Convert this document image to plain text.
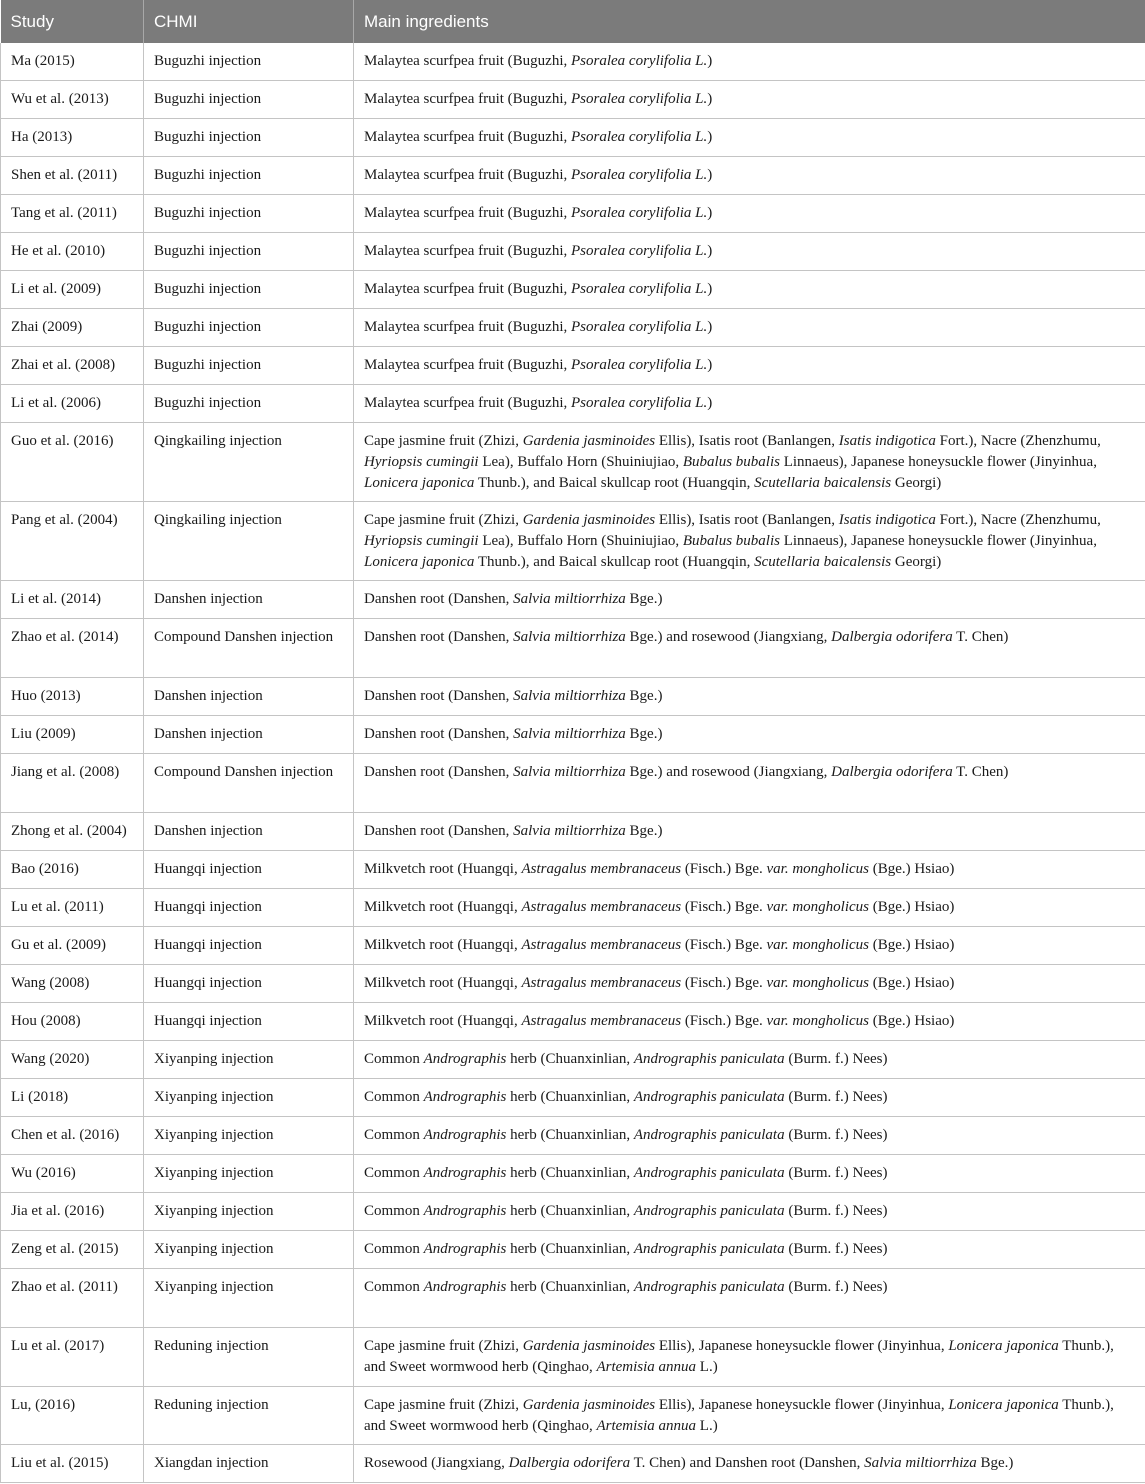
Study	CHMI	Main ingredients
Ma (2015)	Buguzhi injection	Malaytea scurfpea fruit (Buguzhi, Psoralea corylifolia L.)
Wu et al. (2013)	Buguzhi injection	Malaytea scurfpea fruit (Buguzhi, Psoralea corylifolia L.)
Ha (2013)	Buguzhi injection	Malaytea scurfpea fruit (Buguzhi, Psoralea corylifolia L.)
Shen et al. (2011)	Buguzhi injection	Malaytea scurfpea fruit (Buguzhi, Psoralea corylifolia L.)
Tang et al. (2011)	Buguzhi injection	Malaytea scurfpea fruit (Buguzhi, Psoralea corylifolia L.)
He et al. (2010)	Buguzhi injection	Malaytea scurfpea fruit (Buguzhi, Psoralea corylifolia L.)
Li et al. (2009)	Buguzhi injection	Malaytea scurfpea fruit (Buguzhi, Psoralea corylifolia L.)
Zhai (2009)	Buguzhi injection	Malaytea scurfpea fruit (Buguzhi, Psoralea corylifolia L.)
Zhai et al. (2008)	Buguzhi injection	Malaytea scurfpea fruit (Buguzhi, Psoralea corylifolia L.)
Li et al. (2006)	Buguzhi injection	Malaytea scurfpea fruit (Buguzhi, Psoralea corylifolia L.)
Guo et al. (2016)	Qingkailing injection	Cape jasmine fruit (Zhizi, Gardenia jasminoides Ellis), Isatis root (Banlangen, Isatis indigotica Fort.), Nacre (Zhenzhumu, Hyriopsis cumingii Lea), Buffalo Horn (Shuiniujiao, Bubalus bubalis Linnaeus), Japanese honeysuckle flower (Jinyinhua, Lonicera japonica Thunb.), and Baical skullcap root (Huangqin, Scutellaria baicalensis Georgi)
Pang et al. (2004)	Qingkailing injection	Cape jasmine fruit (Zhizi, Gardenia jasminoides Ellis), Isatis root (Banlangen, Isatis indigotica Fort.), Nacre (Zhenzhumu, Hyriopsis cumingii Lea), Buffalo Horn (Shuiniujiao, Bubalus bubalis Linnaeus), Japanese honeysuckle flower (Jinyinhua, Lonicera japonica Thunb.), and Baical skullcap root (Huangqin, Scutellaria baicalensis Georgi)
Li et al. (2014)	Danshen injection	Danshen root (Danshen, Salvia miltiorrhiza Bge.)
Zhao et al. (2014)	Compound Danshen injection	Danshen root (Danshen, Salvia miltiorrhiza Bge.) and rosewood (Jiangxiang, Dalbergia odorifera T. Chen)
Huo (2013)	Danshen injection	Danshen root (Danshen, Salvia miltiorrhiza Bge.)
Liu (2009)	Danshen injection	Danshen root (Danshen, Salvia miltiorrhiza Bge.)
Jiang et al. (2008)	Compound Danshen injection	Danshen root (Danshen, Salvia miltiorrhiza Bge.) and rosewood (Jiangxiang, Dalbergia odorifera T. Chen)
Zhong et al. (2004)	Danshen injection	Danshen root (Danshen, Salvia miltiorrhiza Bge.)
Bao (2016)	Huangqi injection	Milkvetch root (Huangqi, Astragalus membranaceus (Fisch.) Bge. var. mongholicus (Bge.) Hsiao)
Lu et al. (2011)	Huangqi injection	Milkvetch root (Huangqi, Astragalus membranaceus (Fisch.) Bge. var. mongholicus (Bge.) Hsiao)
Gu et al. (2009)	Huangqi injection	Milkvetch root (Huangqi, Astragalus membranaceus (Fisch.) Bge. var. mongholicus (Bge.) Hsiao)
Wang (2008)	Huangqi injection	Milkvetch root (Huangqi, Astragalus membranaceus (Fisch.) Bge. var. mongholicus (Bge.) Hsiao)
Hou (2008)	Huangqi injection	Milkvetch root (Huangqi, Astragalus membranaceus (Fisch.) Bge. var. mongholicus (Bge.) Hsiao)
Wang (2020)	Xiyanping injection	Common Andrographis herb (Chuanxinlian, Andrographis paniculata (Burm. f.) Nees)
Li (2018)	Xiyanping injection	Common Andrographis herb (Chuanxinlian, Andrographis paniculata (Burm. f.) Nees)
Chen et al. (2016)	Xiyanping injection	Common Andrographis herb (Chuanxinlian, Andrographis paniculata (Burm. f.) Nees)
Wu (2016)	Xiyanping injection	Common Andrographis herb (Chuanxinlian, Andrographis paniculata (Burm. f.) Nees)
Jia et al. (2016)	Xiyanping injection	Common Andrographis herb (Chuanxinlian, Andrographis paniculata (Burm. f.) Nees)
Zeng et al. (2015)	Xiyanping injection	Common Andrographis herb (Chuanxinlian, Andrographis paniculata (Burm. f.) Nees)
Zhao et al. (2011)	Xiyanping injection	Common Andrographis herb (Chuanxinlian, Andrographis paniculata (Burm. f.) Nees)
Lu et al. (2017)	Reduning injection	Cape jasmine fruit (Zhizi, Gardenia jasminoides Ellis), Japanese honeysuckle flower (Jinyinhua, Lonicera japonica Thunb.), and Sweet wormwood herb (Qinghao, Artemisia annua L.)
Lu, (2016)	Reduning injection	Cape jasmine fruit (Zhizi, Gardenia jasminoides Ellis), Japanese honeysuckle flower (Jinyinhua, Lonicera japonica Thunb.), and Sweet wormwood herb (Qinghao, Artemisia annua L.)
Liu et al. (2015)	Xiangdan injection	Rosewood (Jiangxiang, Dalbergia odorifera T. Chen) and Danshen root (Danshen, Salvia miltiorrhiza Bge.)
